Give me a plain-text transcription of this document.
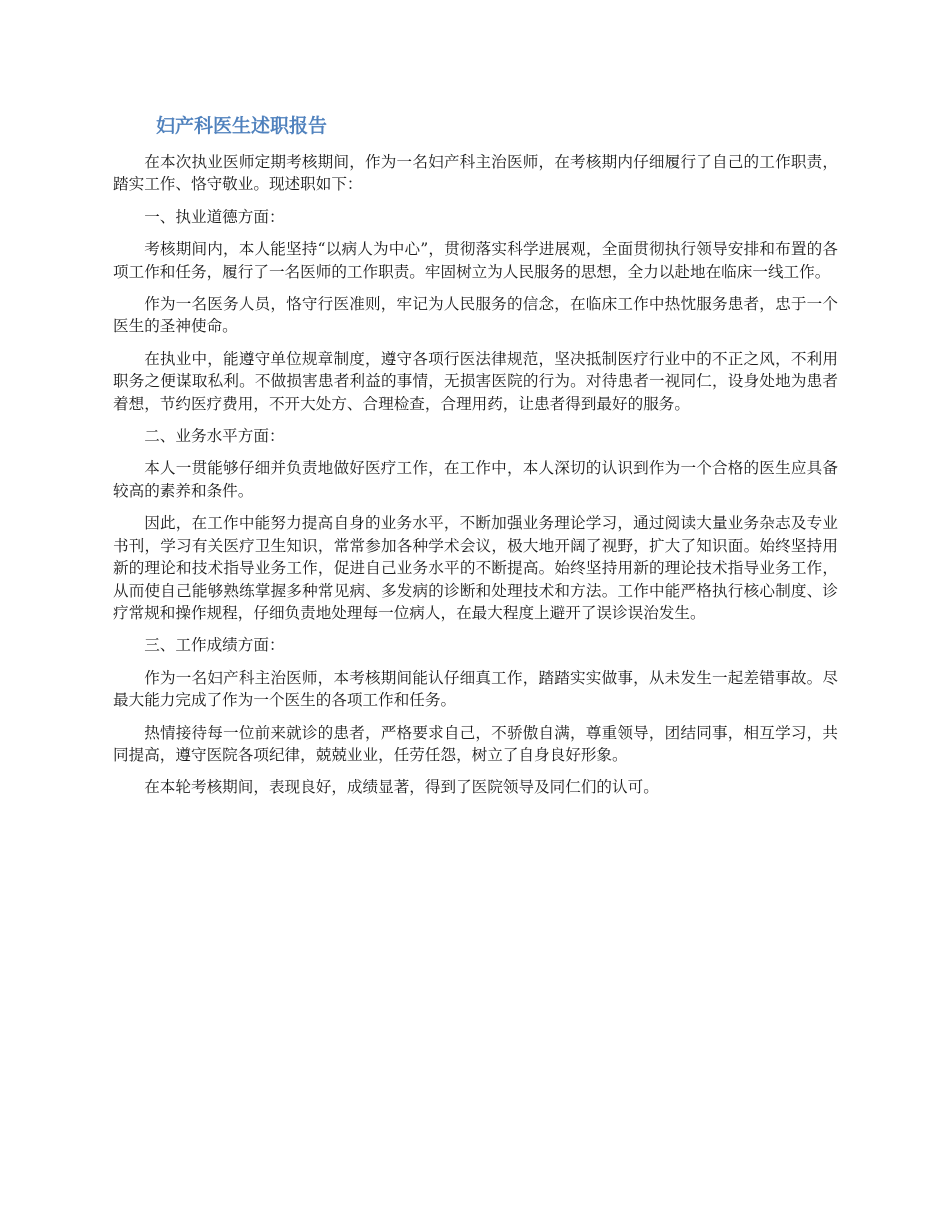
妇产科医生述职报告

在本次执业医师定期考核期间，作为一名妇产科主治医师，在考核期内仔细履行了自己的工作职责，踏实工作、恪守敬业。现述职如下：

一、执业道德方面：

考核期间内，本人能坚持“以病人为中心”，贯彻落实科学进展观，全面贯彻执行领导安排和布置的各项工作和任务，履行了一名医师的工作职责。牢固树立为人民服务的思想，全力以赴地在临床一线工作。

作为一名医务人员，恪守行医准则，牢记为人民服务的信念，在临床工作中热忱服务患者，忠于一个医生的圣神使命。

在执业中，能遵守单位规章制度，遵守各项行医法律规范，坚决抵制医疗行业中的不正之风，不利用职务之便谋取私利。不做损害患者利益的事情，无损害医院的行为。对待患者一视同仁，设身处地为患者着想，节约医疗费用，不开大处方、合理检查，合理用药，让患者得到最好的服务。

二、业务水平方面：

本人一贯能够仔细并负责地做好医疗工作，在工作中，本人深切的认识到作为一个合格的医生应具备较高的素养和条件。

因此，在工作中能努力提高自身的业务水平，不断加强业务理论学习，通过阅读大量业务杂志及专业书刊，学习有关医疗卫生知识，常常参加各种学术会议，极大地开阔了视野，扩大了知识面。始终坚持用新的理论和技术指导业务工作，促进自己业务水平的不断提高。始终坚持用新的理论技术指导业务工作，从而使自己能够熟练掌握多种常见病、多发病的诊断和处理技术和方法。工作中能严格执行核心制度、诊疗常规和操作规程，仔细负责地处理每一位病人，在最大程度上避开了误诊误治发生。

三、工作成绩方面：

作为一名妇产科主治医师，本考核期间能认仔细真工作，踏踏实实做事，从未发生一起差错事故。尽最大能力完成了作为一个医生的各项工作和任务。

热情接待每一位前来就诊的患者，严格要求自己，不骄傲自满，尊重领导，团结同事，相互学习，共同提高，遵守医院各项纪律，兢兢业业，任劳任怨，树立了自身良好形象。

在本轮考核期间，表现良好，成绩显著，得到了医院领导及同仁们的认可。
